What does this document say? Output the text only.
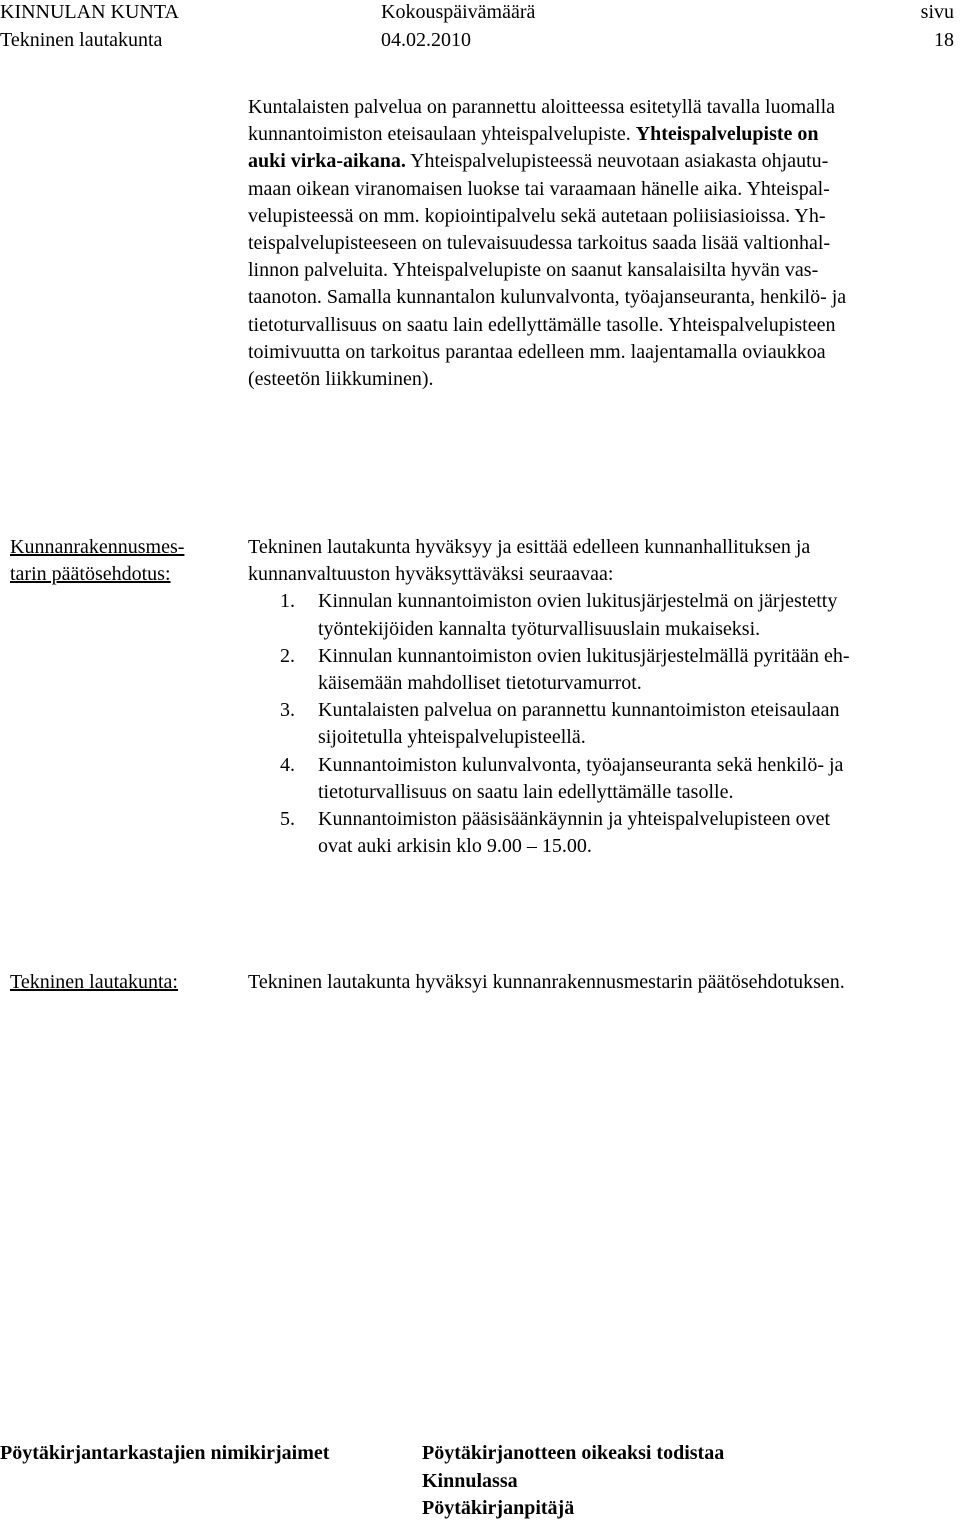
KINNULAN KUNTA
Tekninen lautakunta
Kokouspäivämäärä
04.02.2010
sivu
18
Kuntalaisten palvelua on parannettu aloitteessa esitetyllä tavalla luomalla
kunnantoimiston eteisaulaan yhteispalvelupiste. Yhteispalvelupiste on
auki virka-aikana. Yhteispalvelupisteessä neuvotaan asiakasta ohjautu-
maan oikean viranomaisen luokse tai varaamaan hänelle aika. Yhteispal-
velupisteessä on mm. kopiointipalvelu sekä autetaan poliisiasioissa. Yh-
teispalvelupisteeseen on tulevaisuudessa tarkoitus saada lisää valtionhal-
linnon palveluita. Yhteispalvelupiste on saanut kansalaisilta hyvän vas-
taanoton. Samalla kunnantalon kulunvalvonta, työajanseuranta, henkilö- ja
tietoturvallisuus on saatu lain edellyttämälle tasolle. Yhteispalvelupisteen
toimivuutta on tarkoitus parantaa edelleen mm. laajentamalla oviaukkoa
(esteetön liikkuminen).
Kunnanrakennusmes-
tarin päätösehdotus:
Tekninen lautakunta hyväksyy ja esittää edelleen kunnanhallituksen ja
kunnanvaltuuston hyväksyttäväksi seuraavaa:
1. Kinnulan kunnantoimiston ovien lukitusjärjestelmä on järjestetty
työntekijöiden kannalta työturvallisuuslain mukaiseksi.
2. Kinnulan kunnantoimiston ovien lukitusjärjestelmällä pyritään eh-
käisemään mahdolliset tietoturvamurrot.
3. Kuntalaisten palvelua on parannettu kunnantoimiston eteisaulaan
sijoitetulla yhteispalvelupisteellä.
4. Kunnantoimiston kulunvalvonta, työajanseuranta sekä henkilö- ja
tietoturvallisuus on saatu lain edellyttämälle tasolle.
5. Kunnantoimiston pääsisäänkäynnin ja yhteispalvelupisteen ovet
ovat auki arkisin klo 9.00 – 15.00.
Tekninen lautakunta:	Tekninen lautakunta hyväksyi kunnanrakennusmestarin päätösehdotuksen.
Pöytäkirjantarkastajien nimikirjaimet	Pöytäkirjanotteen oikeaksi todistaa
Kinnulassa
Pöytäkirjanpitäjä
